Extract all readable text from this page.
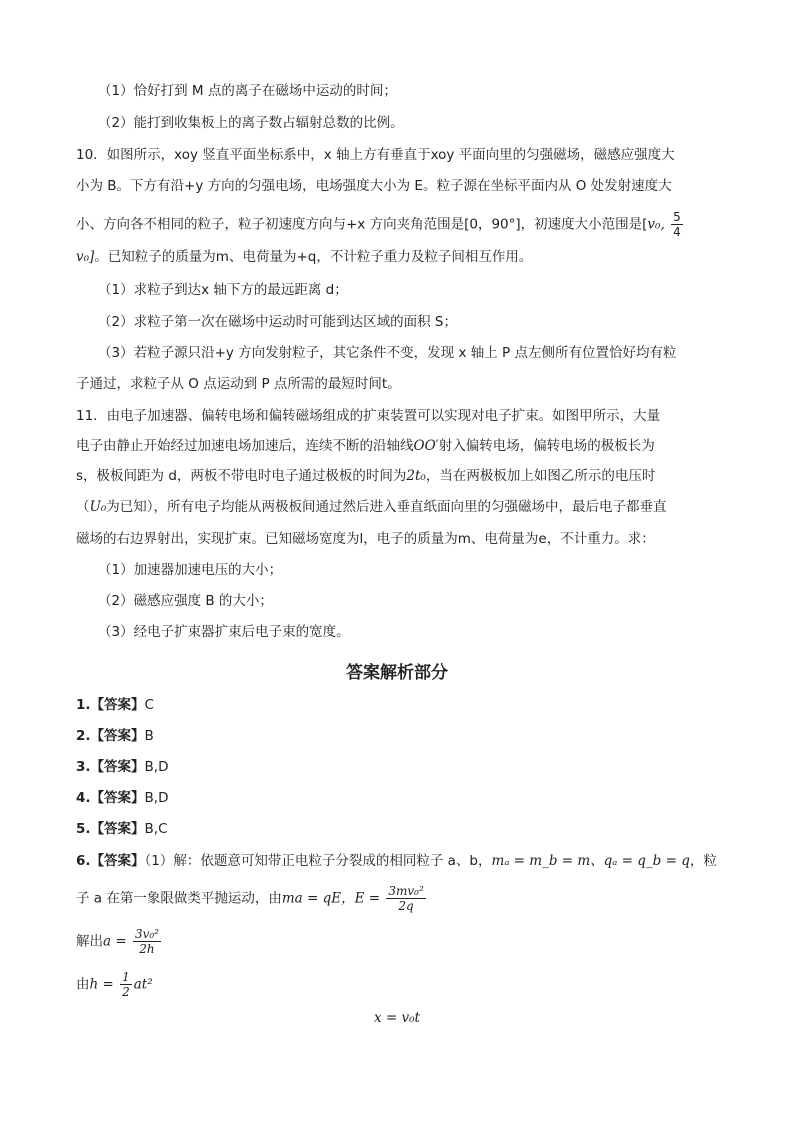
（1）恰好打到 M 点的离子在磁场中运动的时间；
（2）能打到收集板上的离子数占辐射总数的比例。
10．如图所示，xoy 竖直平面坐标系中，x 轴上方有垂直于xoy 平面向里的匀强磁场，磁感应强度大
小为 B。下方有沿+y 方向的匀强电场，电场强度大小为 E。粒子源在坐标平面内从 O 处发射速度大
小、方向各不相同的粒子，粒子初速度方向与+x 方向夹角范围是[0，90°]，初速度大小范围是[v₀, $\frac{5}{4}$
v₀]。已知粒子的质量为m、电荷量为+q，不计粒子重力及粒子间相互作用。
（1）求粒子到达x 轴下方的最远距离 d；
（2）求粒子第一次在磁场中运动时可能到达区域的面积 S；
（3）若粒子源只沿+y 方向发射粒子，其它条件不变，发现 x 轴上 P 点左侧所有位置恰好均有粒
子通过，求粒子从 O 点运动到 P 点所需的最短时间t。
11．由电子加速器、偏转电场和偏转磁场组成的扩束装置可以实现对电子扩束。如图甲所示，大量
电子由静止开始经过加速电场加速后，连续不断的沿轴线OO′射入偏转电场，偏转电场的极板长为
s，极板间距为 d，两板不带电时电子通过极板的时间为2t₀，当在两极板加上如图乙所示的电压时
（U₀为已知），所有电子均能从两极板间通过然后进入垂直纸面向里的匀强磁场中，最后电子都垂直
磁场的右边界射出，实现扩束。已知磁场宽度为l，电子的质量为m、电荷量为e，不计重力。求：
（1）加速器加速电压的大小；
（2）磁感应强度 B 的大小；
（3）经电子扩束器扩束后电子束的宽度。
答案解析部分
1.【答案】C
2.【答案】B
3.【答案】B,D
4.【答案】B,D
5.【答案】B,C
6.【答案】（1）解：依题意可知带正电粒子分裂成的相同粒子 a、b，mₐ = m_b = m、qₐ = q_b = q，粒
子 a 在第一象限做类平抛运动，由ma = qE，$E = \frac{\text{3mv₀²}}{2q}$
解出$a = \frac{\text{3v₀²}}{2h}$
由$h = \frac{1}{2} at^2$
x = v₀t
